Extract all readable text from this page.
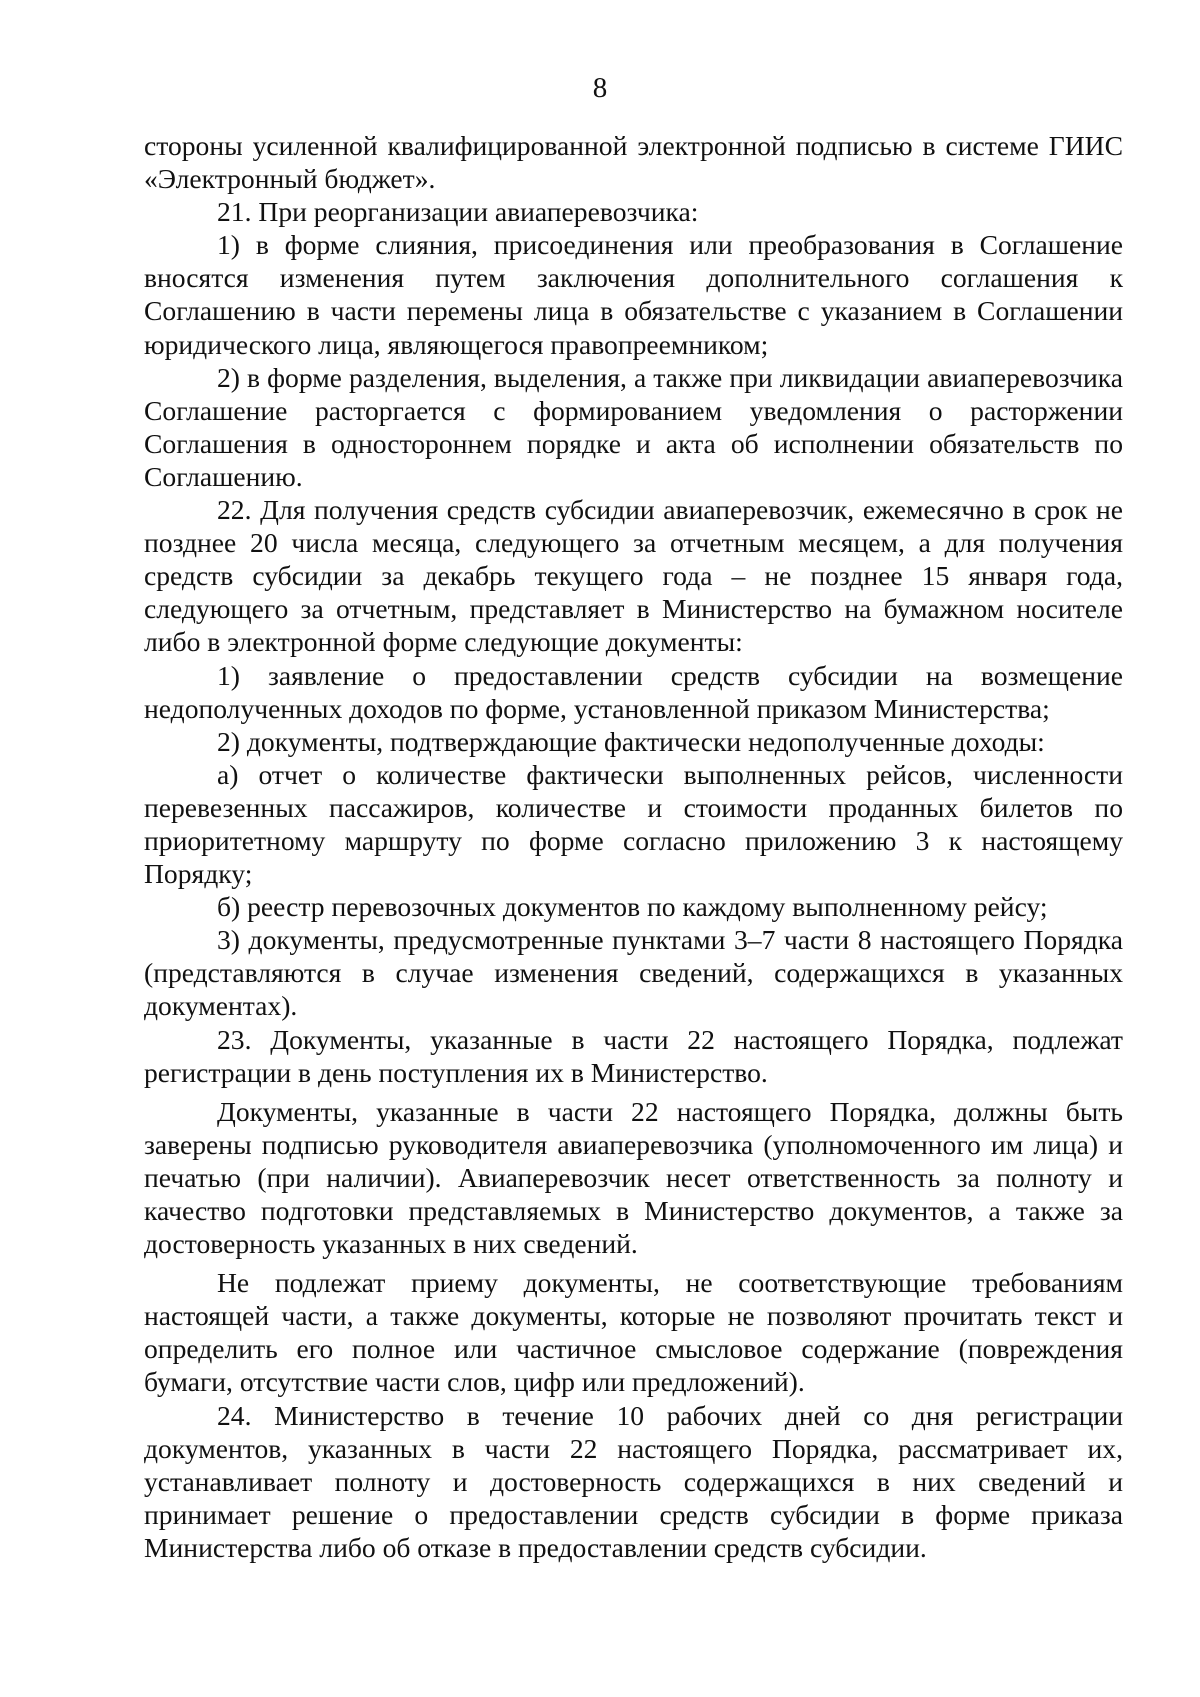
8

стороны усиленной квалифицированной электронной подписью в системе ГИИС «Электронный бюджет».

21. При реорганизации авиаперевозчика:

1) в форме слияния, присоединения или преобразования в Соглашение вносятся изменения путем заключения дополнительного соглашения к Соглашению в части перемены лица в обязательстве с указанием в Соглашении юридического лица, являющегося правопреемником;

2) в форме разделения, выделения, а также при ликвидации авиаперевозчика Соглашение расторгается с формированием уведомления о расторжении Соглашения в одностороннем порядке и акта об исполнении обязательств по Соглашению.

22. Для получения средств субсидии авиаперевозчик, ежемесячно в срок не позднее 20 числа месяца, следующего за отчетным месяцем, а для получения средств субсидии за декабрь текущего года – не позднее 15 января года, следующего за отчетным, представляет в Министерство на бумажном носителе либо в электронной форме следующие документы:

1) заявление о предоставлении средств субсидии на возмещение недополученных доходов по форме, установленной приказом Министерства;

2) документы, подтверждающие фактически недополученные доходы:

а) отчет о количестве фактически выполненных рейсов, численности перевезенных пассажиров, количестве и стоимости проданных билетов по приоритетному маршруту по форме согласно приложению 3 к настоящему Порядку;

б) реестр перевозочных документов по каждому выполненному рейсу;

3) документы, предусмотренные пунктами 3–7 части 8 настоящего Порядка (представляются в случае изменения сведений, содержащихся в указанных документах).

23. Документы, указанные в части 22 настоящего Порядка, подлежат регистрации в день поступления их в Министерство.

Документы, указанные в части 22 настоящего Порядка, должны быть заверены подписью руководителя авиаперевозчика (уполномоченного им лица) и печатью (при наличии). Авиаперевозчик несет ответственность за полноту и качество подготовки представляемых в Министерство документов, а также за достоверность указанных в них сведений.

Не подлежат приему документы, не соответствующие требованиям настоящей части, а также документы, которые не позволяют прочитать текст и определить его полное или частичное смысловое содержание (повреждения бумаги, отсутствие части слов, цифр или предложений).

24. Министерство в течение 10 рабочих дней со дня регистрации документов, указанных в части 22 настоящего Порядка, рассматривает их, устанавливает полноту и достоверность содержащихся в них сведений и принимает решение о предоставлении средств субсидии в форме приказа Министерства либо об отказе в предоставлении средств субсидии.
